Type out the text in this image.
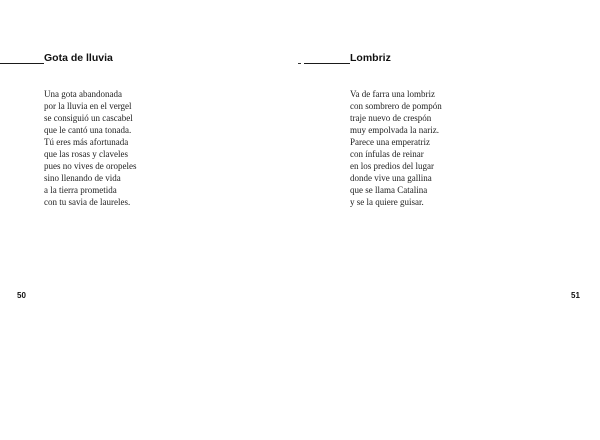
Gota de lluvia
Una gota abandonada
por la lluvia en el vergel
se consiguió un cascabel
que le cantó una tonada.
Tú eres más afortunada
que las rosas y claveles
pues no vives de oropeles
sino llenando de vida
a la tierra prometida
con tu savia de laureles.
50
Lombriz
Va de farra una lombriz
con sombrero de pompón
traje nuevo de crespón
muy empolvada la nariz.
Parece una emperatriz
con ínfulas de reinar
en los predios del lugar
donde vive una gallina
que se llama Catalina
y se la quiere guisar.
51
